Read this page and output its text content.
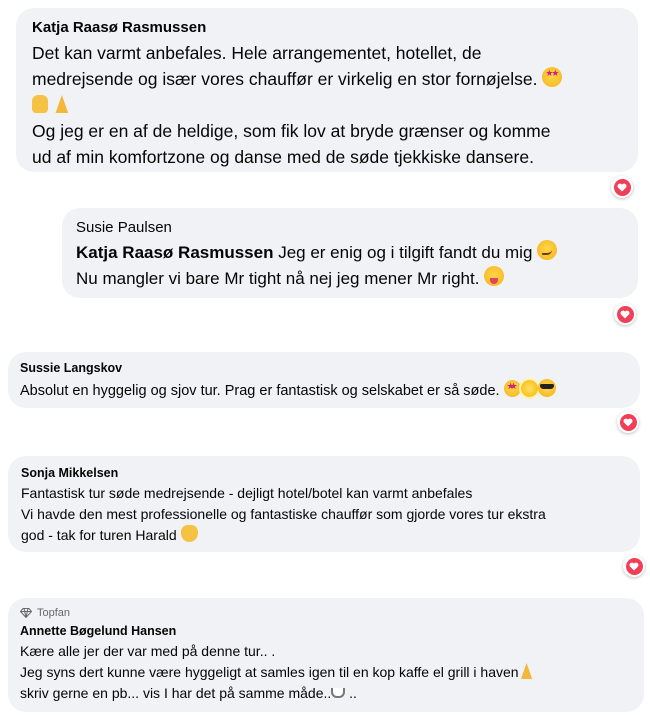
Katja Raasø Rasmussen
Det kan varmt anbefales. Hele arrangementet, hotellet, de
medrejsende og især vores chauffør er virkelig en stor fornøjelse. ★ ★

Og jeg er en af de heldige, som fik lov at bryde grænser og komme
ud af min komfortzone og danse med de søde tjekkiske dansere.
Susie Paulsen
Katja Raasø Rasmussen Jeg er enig og i tilgift fandt du mig
Nu mangler vi bare Mr tight nå nej jeg mener Mr right.
Sussie Langskov
Absolut en hyggelig og sjov tur. Prag er fantastisk og selskabet er så søde. ★ ★
Sonja Mikkelsen
Fantastisk tur søde medrejsende - dejligt hotel/botel kan varmt anbefales
Vi havde den mest professionelle og fantastiske chauffør som gjorde vores tur ekstra
god - tak for turen Harald
Topfan
Annette Bøgelund Hansen
Kære alle jer der var med på denne tur.. .
Jeg syns dert kunne være hyggeligt at samles igen til en kop kaffe el grill i haven
skriv gerne en pb... vis I har det på samme måde.. ..
